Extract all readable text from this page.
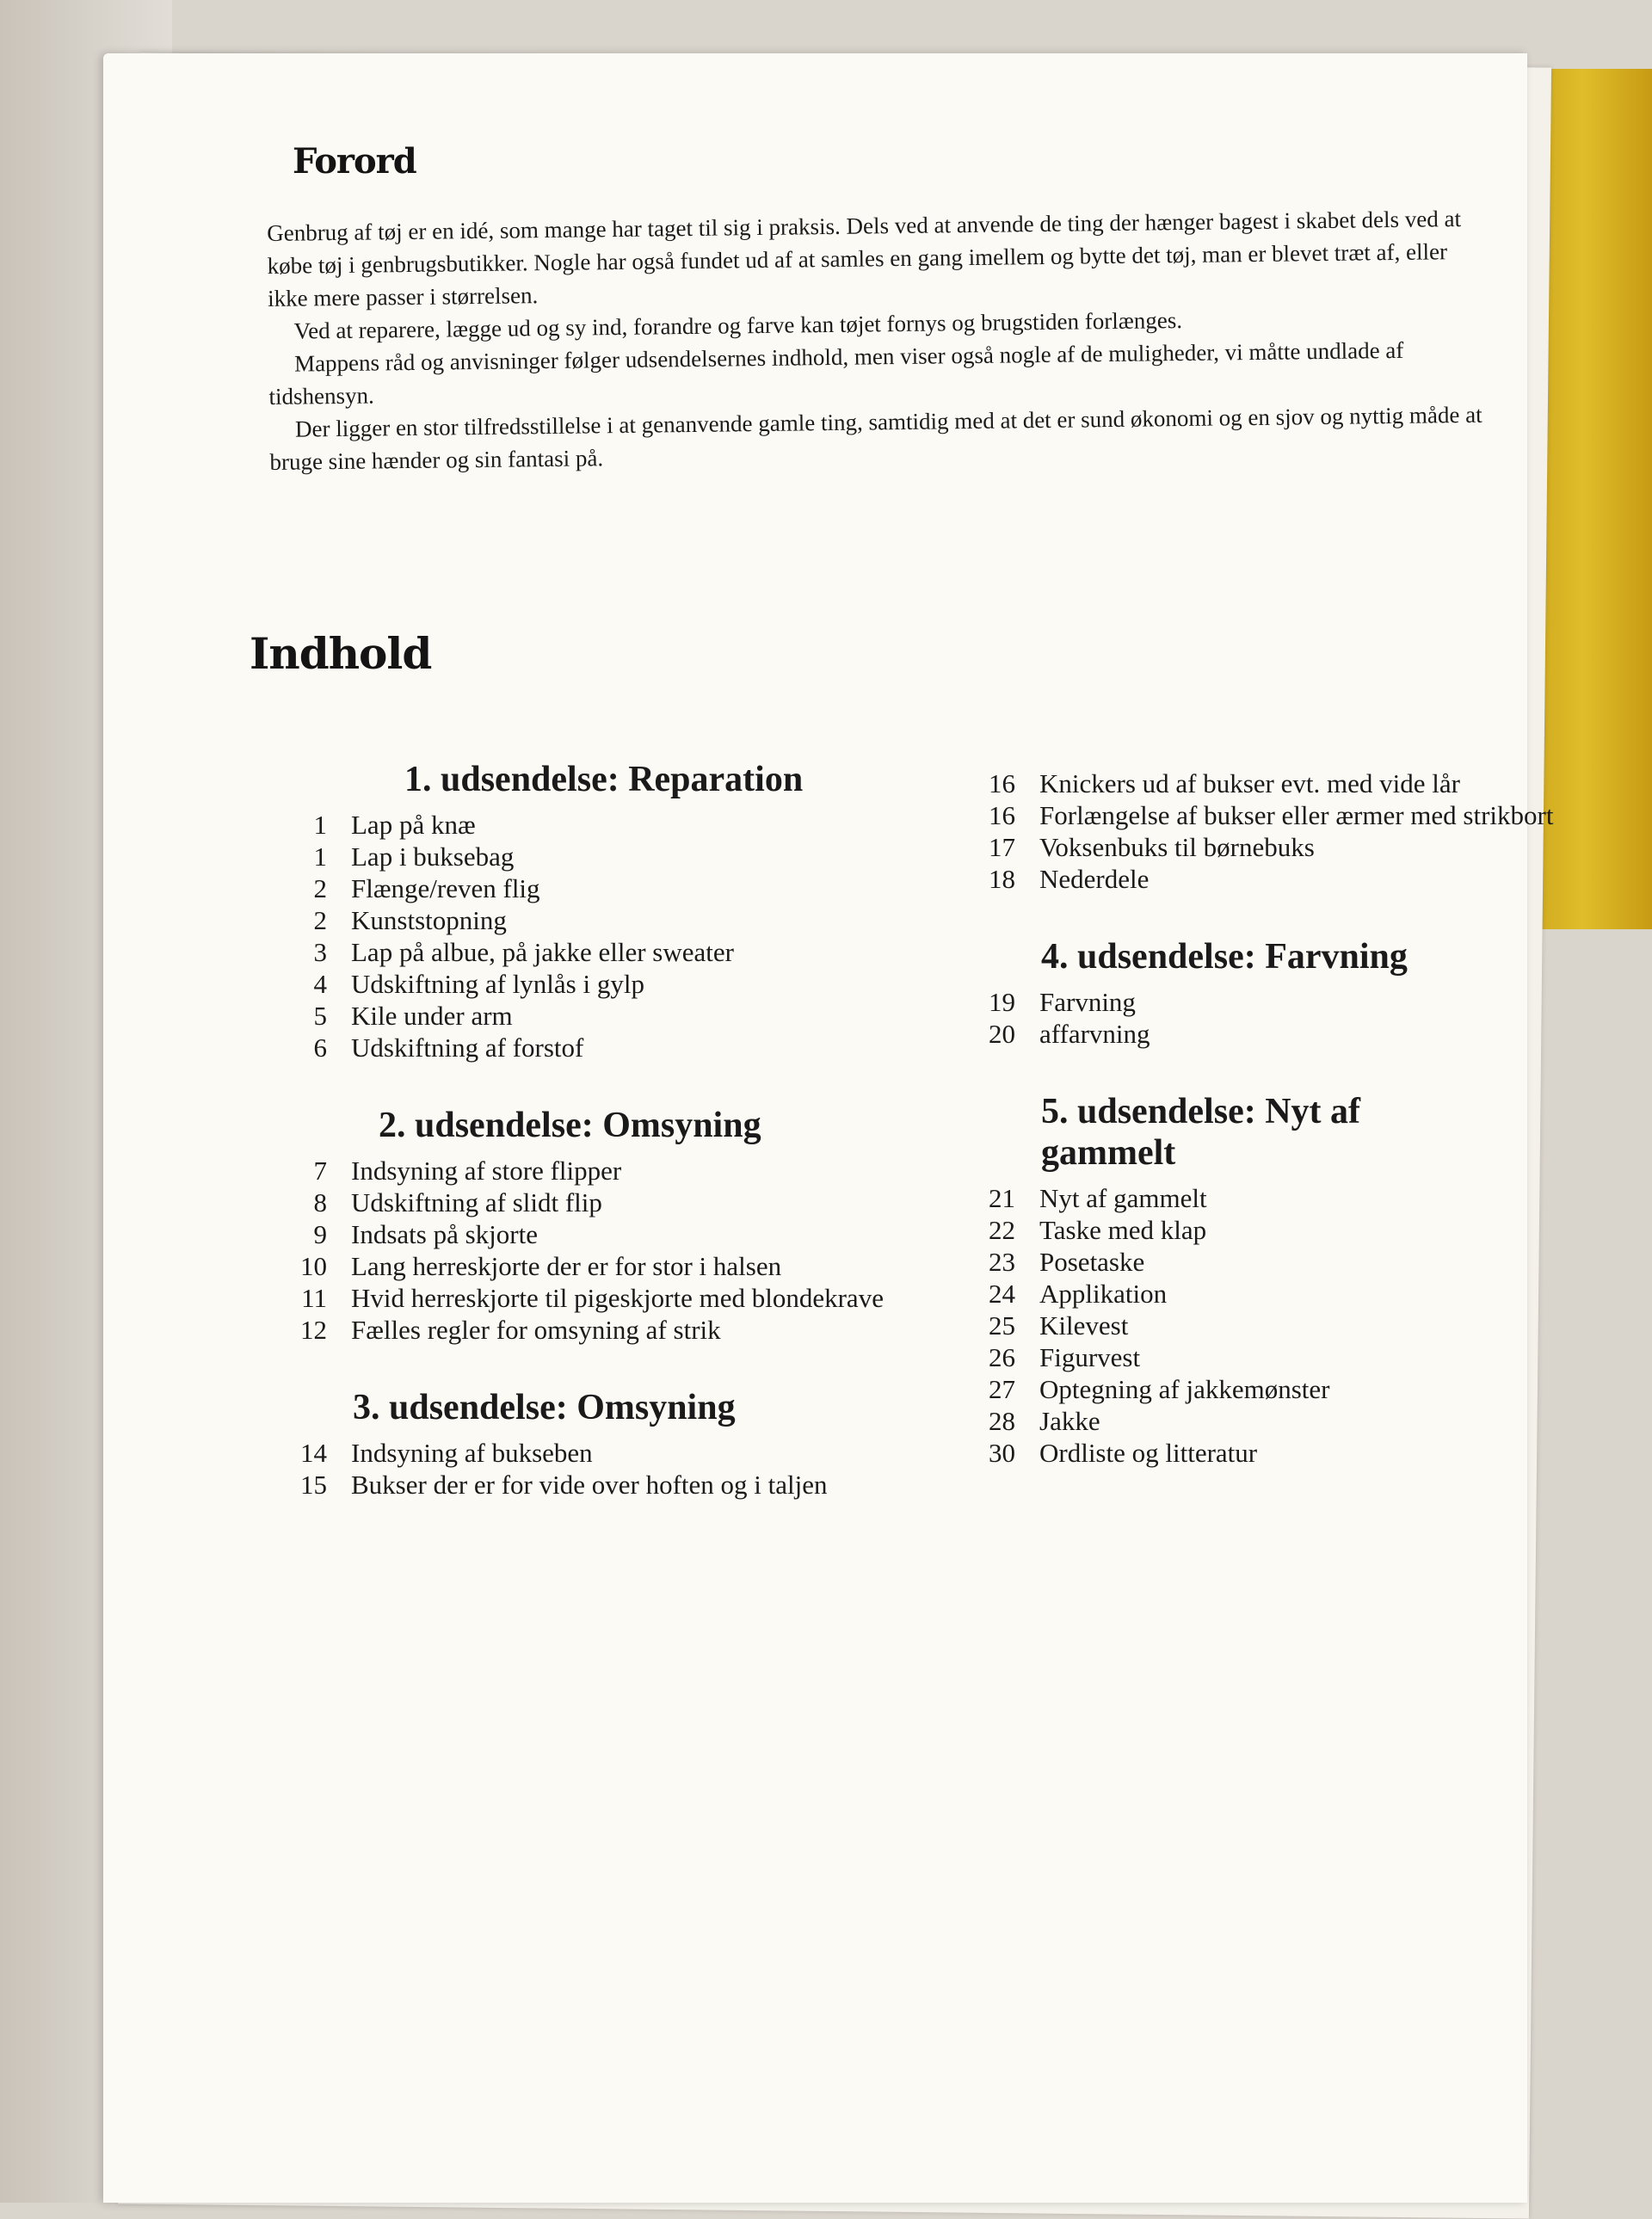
Forord

Genbrug af tøj er en idé, som mange har taget til sig i praksis. Dels ved at anvende de ting der hænger bagest i skabet dels ved at købe tøj i genbrugsbutikker. Nogle har også fundet ud af at samles en gang imellem og bytte det tøj, man er blevet træt af, eller ikke mere passer i størrelsen.

Ved at reparere, lægge ud og sy ind, forandre og farve kan tøjet fornys og brugstiden forlænges.

Mappens råd og anvisninger følger udsendelsernes indhold, men viser også nogle af de muligheder, vi måtte undlade af tidshensyn.

Der ligger en stor tilfredsstillelse i at genanvende gamle ting, samtidig med at det er sund økonomi og en sjov og nyttig måde at bruge sine hænder og sin fantasi på.

Indhold
1. udsendelse: Reparation
1 Lap på knæ
1 Lap i buksebag
2 Flænge/reven flig
2 Kunststopning
3 Lap på albue, på jakke eller sweater
4 Udskiftning af lynlås i gylp
5 Kile under arm
6 Udskiftning af forstof
2. udsendelse: Omsyning
7 Indsyning af store flipper
8 Udskiftning af slidt flip
9 Indsats på skjorte
10 Lang herreskjorte der er for stor i halsen
11 Hvid herreskjorte til pigeskjorte med blondekrave
12 Fælles regler for omsyning af strik
3. udsendelse: Omsyning
14 Indsyning af bukseben
15 Bukser der er for vide over hoften og i taljen
16 Knickers ud af bukser evt. med vide lår
16 Forlængelse af bukser eller ærmer med strikbort
17 Voksenbuks til børnebuks
18 Nederdele
4. udsendelse: Farvning
19 Farvning
20 affarvning
5. udsendelse: Nyt af gammelt
21 Nyt af gammelt
22 Taske med klap
23 Posetaske
24 Applikation
25 Kilevest
26 Figurvest
27 Optegning af jakkemønster
28 Jakke
30 Ordliste og litteratur
